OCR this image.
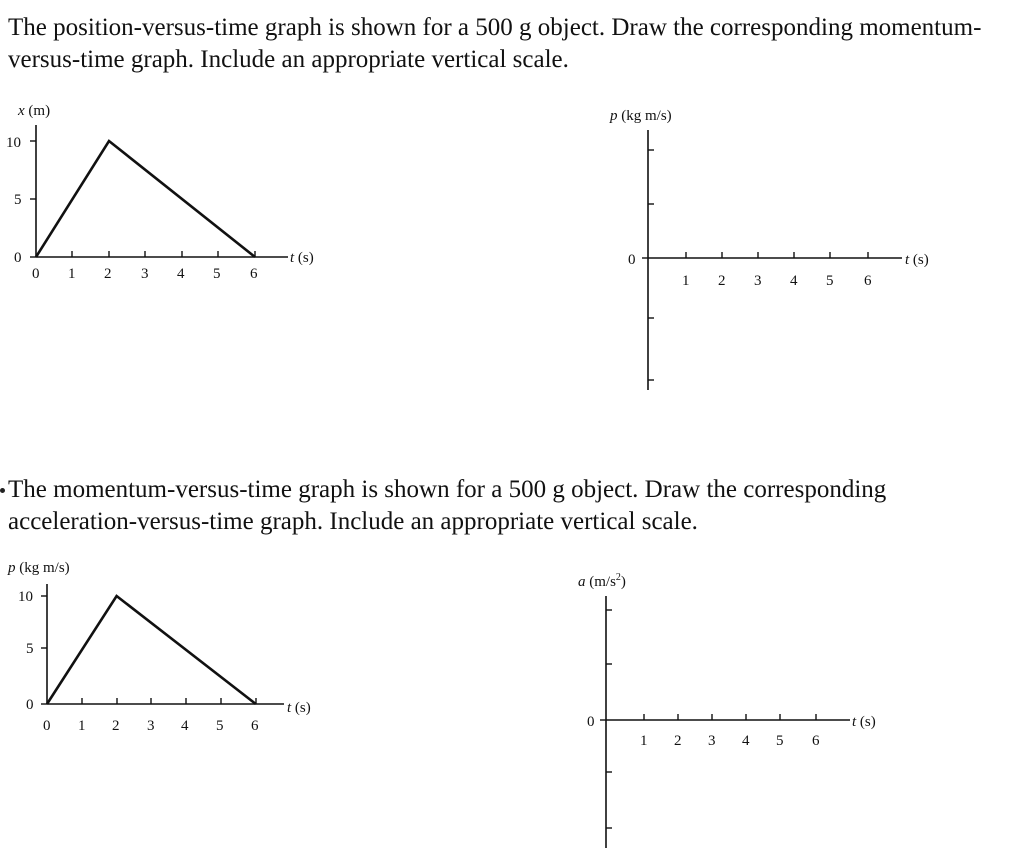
The position-versus-time graph is shown for a 500 g object. Draw the corresponding momentum-versus-time graph. Include an appropriate vertical scale.

x (m)
10
5
0
0 1 2 3 4 5 6
t (s)
p (kg m/s)
0
1 2 3 4 5 6
t (s)

The momentum-versus-time graph is shown for a 500 g object. Draw the corresponding acceleration-versus-time graph. Include an appropriate vertical scale.

p (kg m/s)
10
5
0
0 1 2 3 4 5 6
t (s)
a $(m/s^2)$
0
1 2 3 4 5 6
t (s)
